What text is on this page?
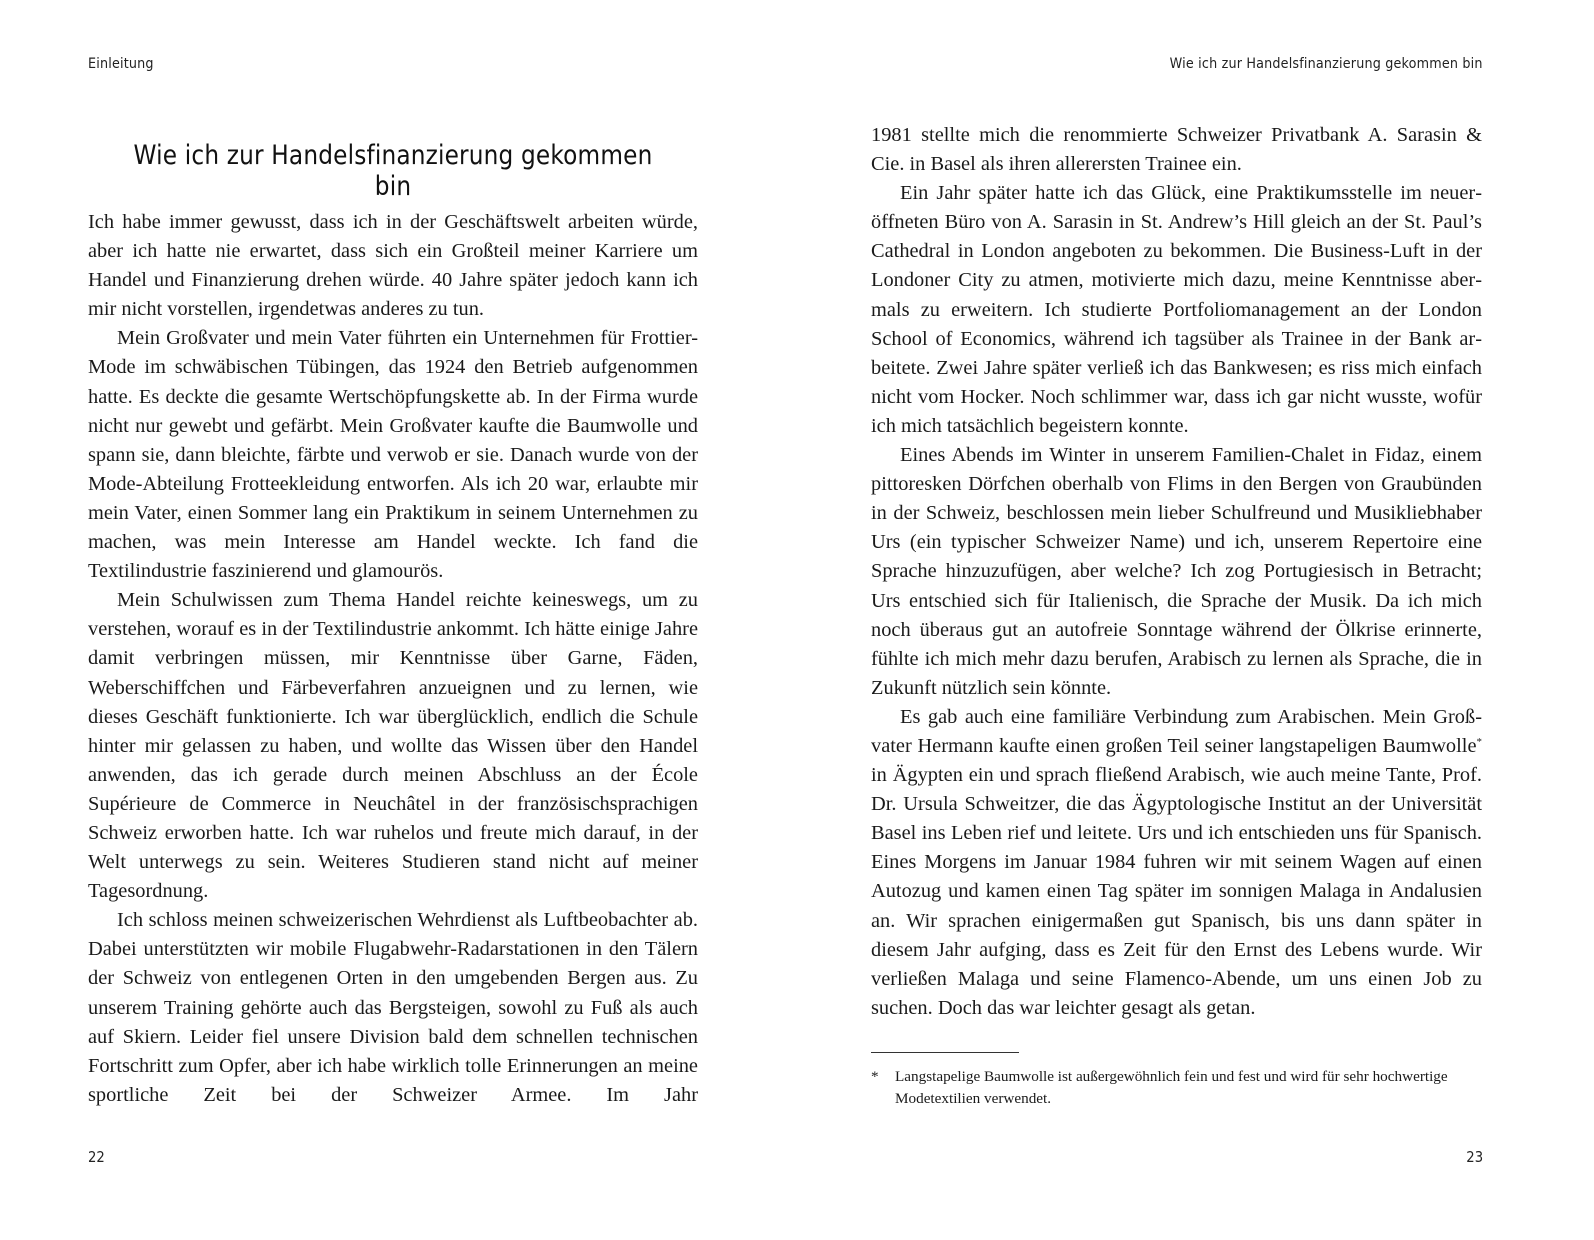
Einleitung
Wie ich zur Handelsfinanzierung gekommen bin

Ich habe immer gewusst, dass ich in der Geschäftswelt arbeiten würde, aber ich hatte nie erwartet, dass sich ein Großteil meiner Karriere um Handel und Finanzierung drehen würde. 40 Jahre später jedoch kann ich mir nicht vorstellen, irgendetwas anderes zu tun.

Mein Großvater und mein Vater führten ein Unternehmen für Frottier-Mode im schwäbischen Tübingen, das 1924 den Betrieb aufgenommen hatte. Es deckte die gesamte Wertschöpfungskette ab. In der Firma wurde nicht nur gewebt und gefärbt. Mein Großvater kaufte die Baumwolle und spann sie, dann bleichte, färbte und verwob er sie. Danach wurde von der Mode-Abteilung Frotteekleidung entworfen. Als ich 20 war, erlaubte mir mein Vater, einen Sommer lang ein Praktikum in seinem Unternehmen zu machen, was mein Interesse am Handel weckte. Ich fand die Textilindustrie faszinierend und glamourös.

Mein Schulwissen zum Thema Handel reichte keineswegs, um zu verstehen, worauf es in der Textilindustrie ankommt. Ich hätte einige Jahre damit verbringen müssen, mir Kenntnisse über Garne, Fäden, Weberschiffchen und Färbeverfahren anzueignen und zu lernen, wie dieses Geschäft funktionierte. Ich war überglücklich, endlich die Schule hinter mir gelassen zu haben, und wollte das Wissen über den Handel anwenden, das ich gerade durch meinen Abschluss an der École Supérieure de Commerce in Neuchâtel in der französischsprachigen Schweiz erworben hatte. Ich war ruhelos und freute mich darauf, in der Welt unterwegs zu sein. Weiteres Studieren stand nicht auf meiner Tagesordnung.

Ich schloss meinen schweizerischen Wehrdienst als Luftbeobachter ab. Dabei unterstützten wir mobile Flugabwehr-Radarstationen in den Tälern der Schweiz von entlegenen Orten in den umgebenden Bergen aus. Zu unserem Training gehörte auch das Bergsteigen, sowohl zu Fuß als auch auf Skiern. Leider fiel unsere Division bald dem schnellen technischen Fortschritt zum Opfer, aber ich habe wirklich tolle Erinnerungen an meine sportliche Zeit bei der Schweizer Armee. Im Jahr

22
Wie ich zur Handelsfinanzierung gekommen bin

1981 stellte mich die renommierte Schweizer Privatbank A. Sarasin & Cie. in Basel als ihren allerersten Trainee ein.

Ein Jahr später hatte ich das Glück, eine Praktikumsstelle im neueröffneten Büro von A. Sarasin in St. Andrew’s Hill gleich an der St. Paul’s Cathedral in London angeboten zu bekommen. Die Business-Luft in der Londoner City zu atmen, motivierte mich dazu, meine Kenntnisse abermals zu erweitern. Ich studierte Portfoliomanagement an der London School of Economics, während ich tagsüber als Trainee in der Bank arbeitete. Zwei Jahre später verließ ich das Bankwesen; es riss mich einfach nicht vom Hocker. Noch schlimmer war, dass ich gar nicht wusste, wofür ich mich tatsächlich begeistern konnte.

Eines Abends im Winter in unserem Familien-Chalet in Fidaz, einem pittoresken Dörfchen oberhalb von Flims in den Bergen von Graubünden in der Schweiz, beschlossen mein lieber Schulfreund und Musikliebhaber Urs (ein typischer Schweizer Name) und ich, unserem Repertoire eine Sprache hinzuzufügen, aber welche? Ich zog Portugiesisch in Betracht; Urs entschied sich für Italienisch, die Sprache der Musik. Da ich mich noch überaus gut an autofreie Sonntage während der Ölkrise erinnerte, fühlte ich mich mehr dazu berufen, Arabisch zu lernen als Sprache, die in Zukunft nützlich sein könnte.

Es gab auch eine familiäre Verbindung zum Arabischen. Mein Großvater Hermann kaufte einen großen Teil seiner langstapeligen Baumwolle* in Ägypten ein und sprach fließend Arabisch, wie auch meine Tante, Prof. Dr. Ursula Schweitzer, die das Ägyptologische Institut an der Universität Basel ins Leben rief und leitete. Urs und ich entschieden uns für Spanisch. Eines Morgens im Januar 1984 fuhren wir mit seinem Wagen auf einen Autozug und kamen einen Tag später im sonnigen Malaga in Andalusien an. Wir sprachen einigermaßen gut Spanisch, bis uns dann später in diesem Jahr aufging, dass es Zeit für den Ernst des Lebens wurde. Wir verließen Malaga und seine Flamenco-Abende, um uns einen Job zu suchen. Doch das war leichter gesagt als getan.

* Langstapelige Baumwolle ist außergewöhnlich fein und fest und wird für sehr hochwertige Modetextilien verwendet.
23
